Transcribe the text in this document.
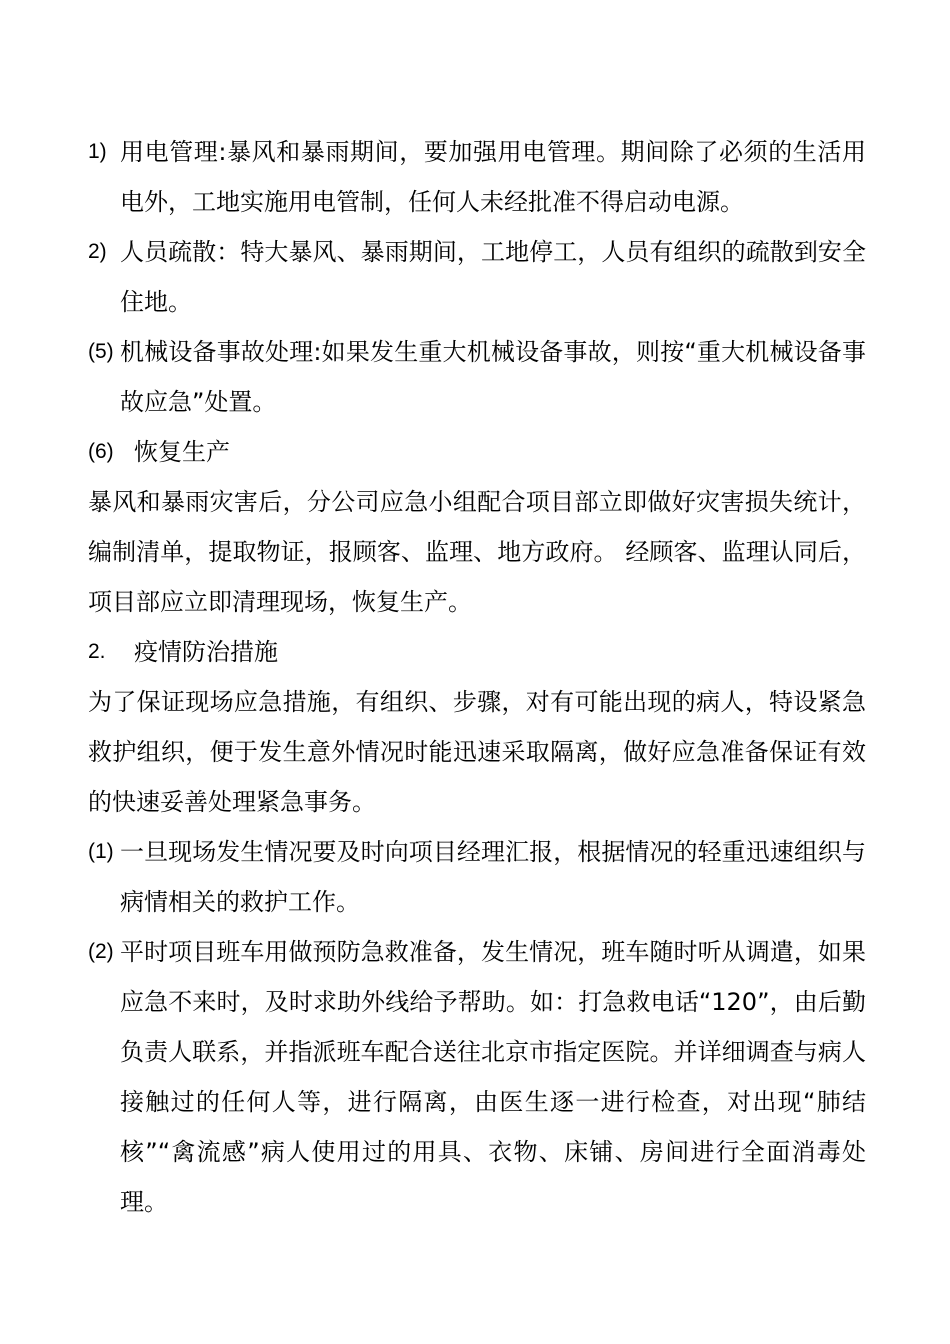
1) 用电管理:暴风和暴雨期间，要加强用电管理。期间除了必须的生活用电外，工地实施用电管制，任何人未经批准不得启动电源。
2) 人员疏散：特大暴风、暴雨期间，工地停工，人员有组织的疏散到安全住地。
(5) 机械设备事故处理:如果发生重大机械设备事故，则按“重大机械设备事故应急”处置。
(6) 恢复生产
暴风和暴雨灾害后，分公司应急小组配合项目部立即做好灾害损失统计，编制清单，提取物证，报顾客、监理、地方政府。 经顾客、监理认同后，项目部应立即清理现场，恢复生产。
2. 疫情防治措施
为了保证现场应急措施，有组织、步骤，对有可能出现的病人，特设紧急救护组织，便于发生意外情况时能迅速采取隔离，做好应急准备保证有效的快速妥善处理紧急事务。
(1) 一旦现场发生情况要及时向项目经理汇报，根据情况的轻重迅速组织与病情相关的救护工作。
(2) 平时项目班车用做预防急救准备，发生情况，班车随时听从调遣，如果应急不来时，及时求助外线给予帮助。如：打急救电话“120”，由后勤负责人联系，并指派班车配合送往北京市指定医院。并详细调查与病人接触过的任何人等，进行隔离，由医生逐一进行检查，对出现“肺结核”“禽流感”病人使用过的用具、衣物、床铺、房间进行全面消毒处理。
